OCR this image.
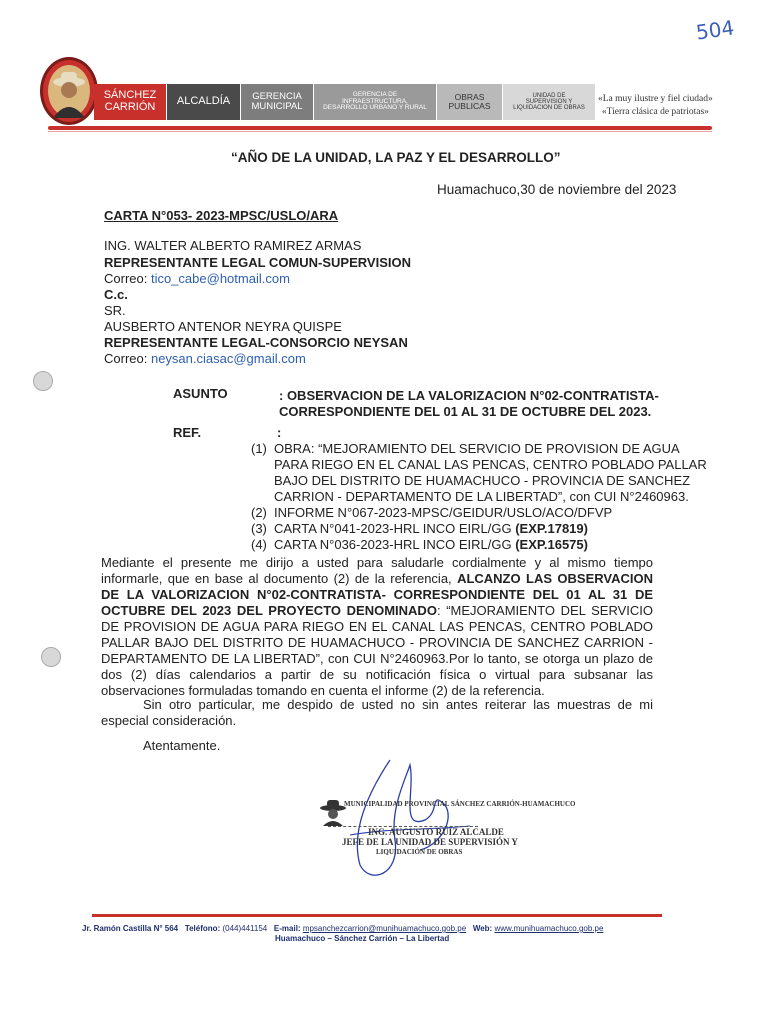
504
SÁNCHEZ
CARRIÓN ALCALDÍA GERENCIA
MUNICIPAL
GERENCIA DE
INFRAESTRUCTURA,
DESARROLLO URBANO Y RURAL
OBRAS
PUBLICAS
UNIDAD DE
SUPERVISION Y
LIQUIDACION DE OBRAS
«La muy ilustre y fiel ciudad»
«Tierra clásica de patriotas»
“AÑO DE LA UNIDAD, LA PAZ Y EL DESARROLLO”
Huamachuco,30 de noviembre del 2023
CARTA N°053- 2023-MPSC/USLO/ARA
ING. WALTER ALBERTO RAMIREZ ARMAS
REPRESENTANTE LEGAL COMUN-SUPERVISION
Correo: tico_cabe@hotmail.com
C.c.
SR.
AUSBERTO ANTENOR NEYRA QUISPE
REPRESENTANTE LEGAL-CONSORCIO NEYSAN
Correo: neysan.ciasac@gmail.com
ASUNTO	: OBSERVACION DE LA VALORIZACION N°02-CONTRATISTA-
CORRESPONDIENTE DEL 01 AL 31 DE OCTUBRE DEL 2023.
REF.	:
(1) OBRA: “MEJORAMIENTO DEL SERVICIO DE PROVISION DE AGUA
PARA RIEGO EN EL CANAL LAS PENCAS, CENTRO POBLADO PALLAR
BAJO DEL DISTRITO DE HUAMACHUCO - PROVINCIA DE SANCHEZ
CARRION - DEPARTAMENTO DE LA LIBERTAD”, con CUI N°2460963.
(2) INFORME N°067-2023-MPSC/GEIDUR/USLO/ACO/DFVP
(3) CARTA N°041-2023-HRL INCO EIRL/GG (EXP.17819)
(4) CARTA N°036-2023-HRL INCO EIRL/GG (EXP.16575)
Mediante el presente me dirijo a usted para saludarle cordialmente y al mismo tiempo informarle, que en base al documento (2) de la referencia, ALCANZO LAS OBSERVACION DE LA VALORIZACION N°02-CONTRATISTA- CORRESPONDIENTE DEL 01 AL 31 DE OCTUBRE DEL 2023 DEL PROYECTO DENOMINADO: “MEJORAMIENTO DEL SERVICIO DE PROVISION DE AGUA PARA RIEGO EN EL CANAL LAS PENCAS, CENTRO POBLADO PALLAR BAJO DEL DISTRITO DE HUAMACHUCO - PROVINCIA DE SANCHEZ CARRION - DEPARTAMENTO DE LA LIBERTAD”, con CUI N°2460963.Por lo tanto, se otorga un plazo de dos (2) días calendarios a partir de su notificación física o virtual para subsanar las observaciones formuladas tomando en cuenta el informe (2) de la referencia.
Sin otro particular, me despido de usted no sin antes reiterar las muestras de mi especial consideración.
Atentamente.
MUNICIPALIDAD PROVINCIAL SÁNCHEZ CARRIÓN-HUAMACHUCO
ING. AUGUSTO RUIZ ALCALDE
JEFE DE LA UNIDAD DE SUPERVISIÓN Y
LIQUIDACIÓN DE OBRAS
Jr. Ramón Castilla N° 564 Teléfono: (044)441154 E-mail: mpsanchezcarrion@munihuamachuco.gob.pe Web: www.munihuamachuco.gob.pe
Huamachuco – Sánchez Carrión – La Libertad
